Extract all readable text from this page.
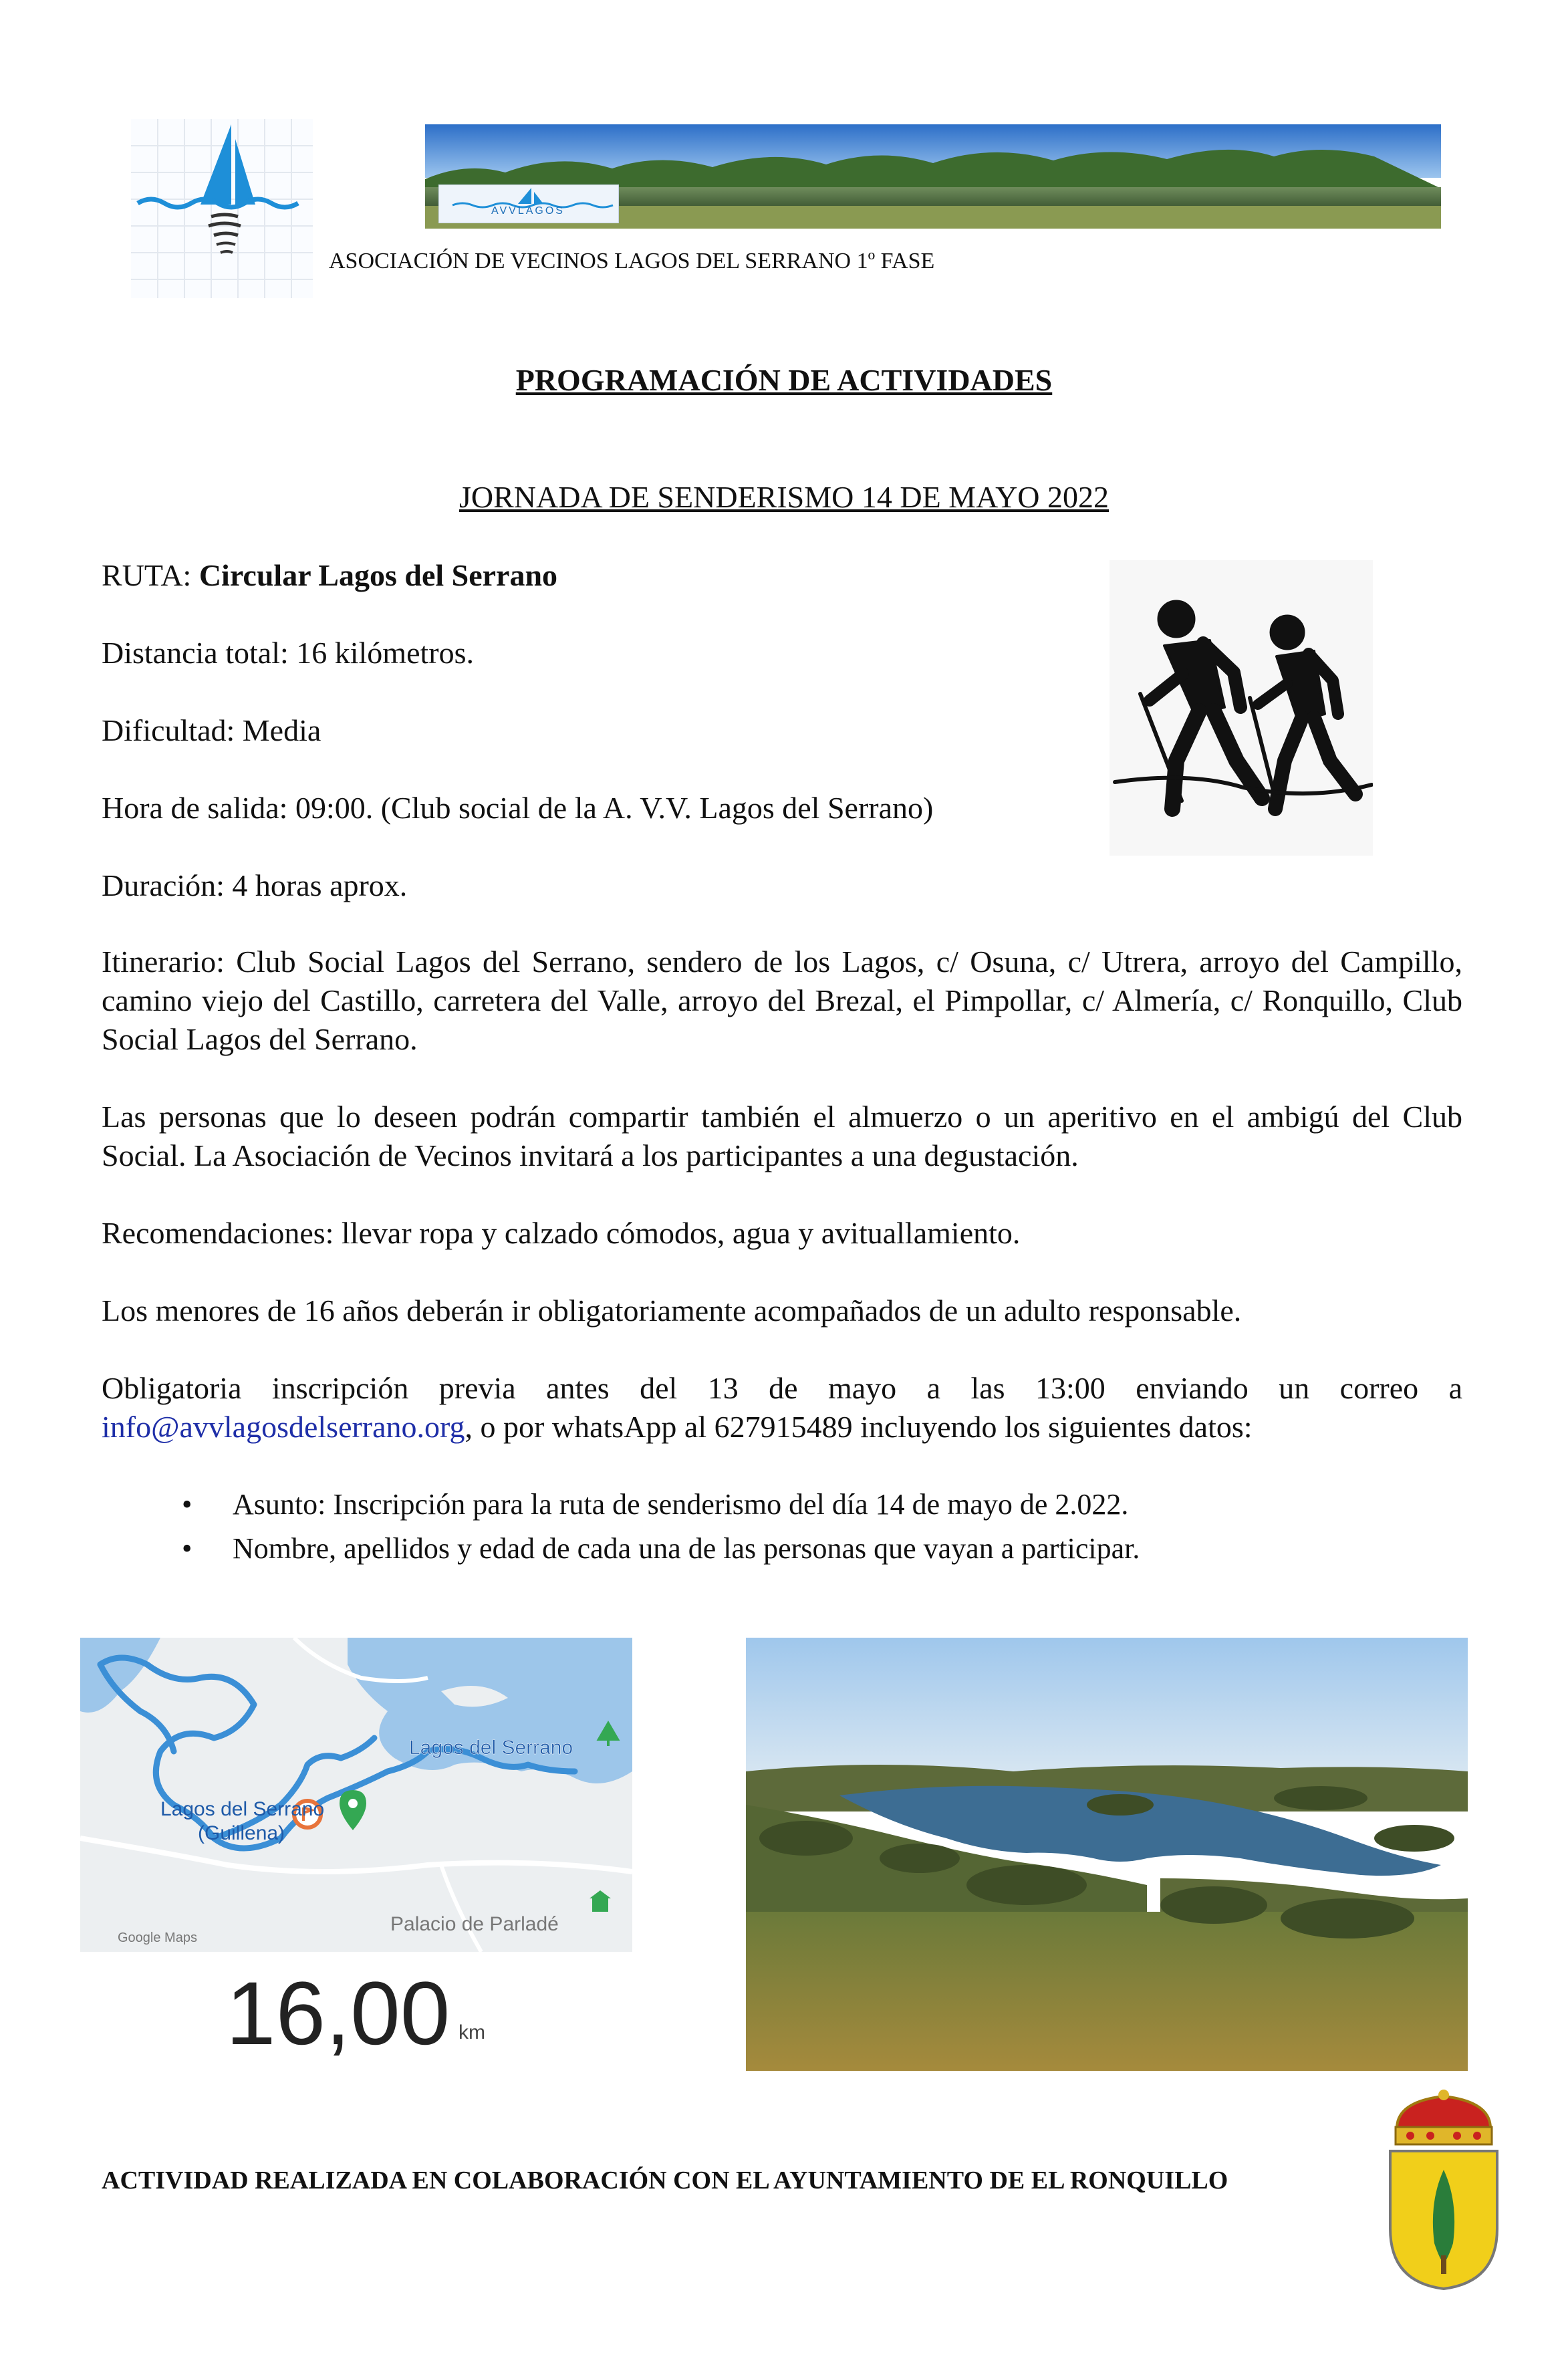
AVVLAGOS
ASOCIACIÓN DE VECINOS LAGOS DEL SERRANO 1º FASE
PROGRAMACIÓN DE ACTIVIDADES
JORNADA DE SENDERISMO 14 DE MAYO 2022
RUTA: Circular Lagos del Serrano
Distancia total: 16 kilómetros.
Dificultad: Media
Hora de salida: 09:00. (Club social de la A. V.V. Lagos del Serrano)
Duración: 4 horas aprox.
Itinerario: Club Social Lagos del Serrano, sendero de los Lagos, c/ Osuna, c/ Utrera, arroyo del Campillo, camino viejo del Castillo, carretera del Valle, arroyo del Brezal, el Pimpollar, c/ Almería, c/ Ronquillo, Club Social Lagos del Serrano.
Las personas que lo deseen podrán compartir también el almuerzo o un aperitivo en el ambigú del Club Social. La Asociación de Vecinos invitará a los participantes a una degustación.
Recomendaciones: llevar ropa y calzado cómodos, agua y avituallamiento.
Los menores de 16 años deberán ir obligatoriamente acompañados de un adulto responsable.
Obligatoria inscripción previa antes del 13 de mayo a las 13:00 enviando un correo a
info@avvlagosdelserrano.org, o por whatsApp al 627915489 incluyendo los siguientes datos:
• Asunto: Inscripción para la ruta de senderismo del día 14 de mayo de 2.022.
• Nombre, apellidos y edad de cada una de las personas que vayan a participar.
Lagos del Serrano
Lagos del Serrano
(Guillena)
Palacio de Parladé
Google Maps
16,00 km
ACTIVIDAD REALIZADA EN COLABORACIÓN CON EL AYUNTAMIENTO DE EL RONQUILLO
